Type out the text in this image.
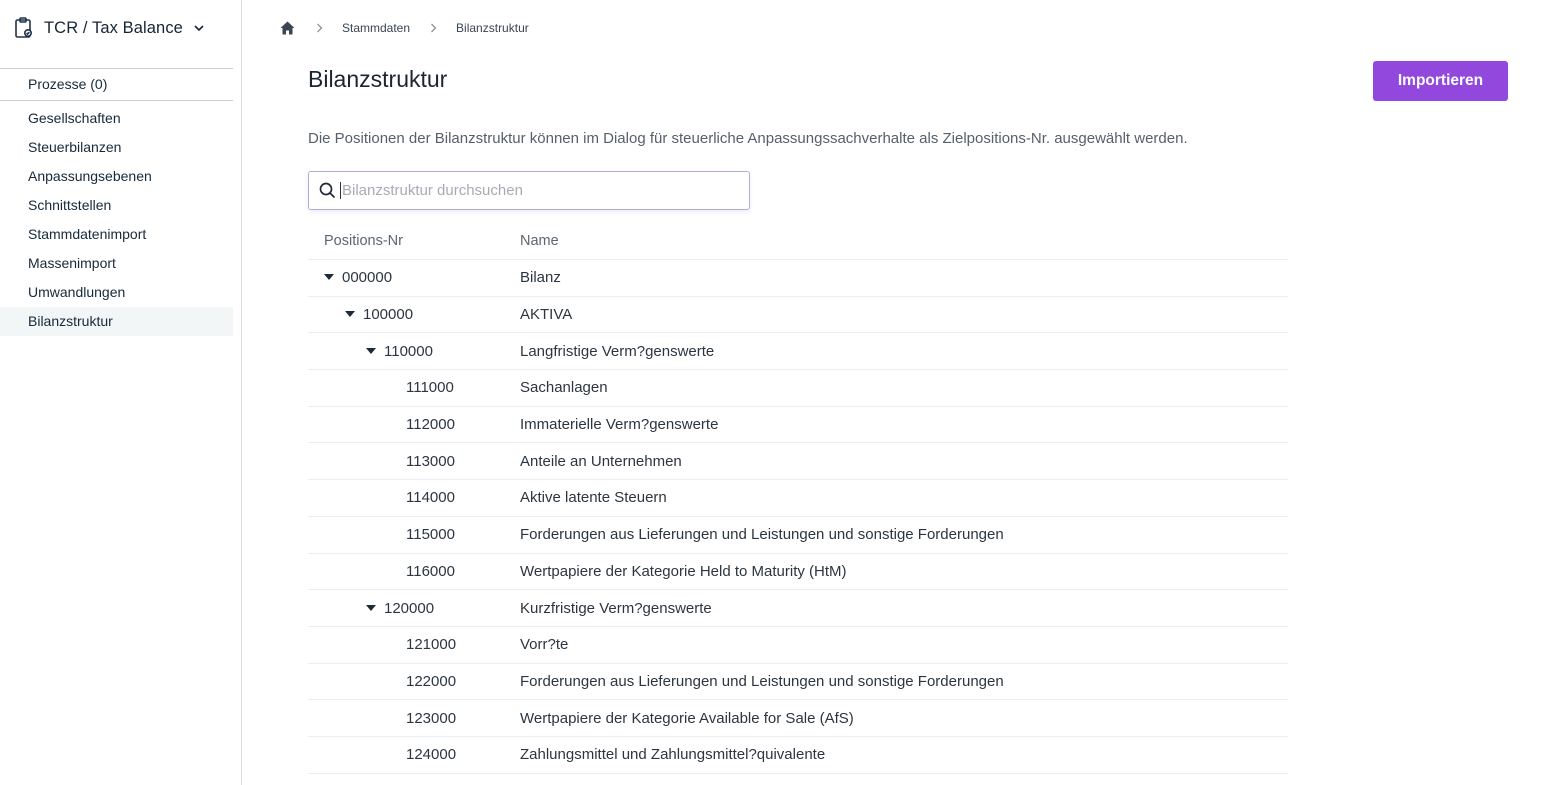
TCR / Tax Balance
Prozesse (0)
Gesellschaften
Steuerbilanzen
Anpassungsebenen
Schnittstellen
Stammdatenimport
Massenimport
Umwandlungen
Bilanzstruktur
Stammdaten	Bilanzstruktur
Bilanzstruktur	Importieren

Die Positionen der Bilanzstruktur können im Dialog für steuerliche Anpassungssachverhalte als Zielpositions-Nr. ausgewählt werden.

Bilanzstruktur durchsuchen
Positions-Nr	Name
000000	Bilanz
100000	AKTIVA
110000	Langfristige Verm?genswerte
111000	Sachanlagen
112000	Immaterielle Verm?genswerte
113000	Anteile an Unternehmen
114000	Aktive latente Steuern
115000	Forderungen aus Lieferungen und Leistungen und sonstige Forderungen
116000	Wertpapiere der Kategorie Held to Maturity (HtM)
120000	Kurzfristige Verm?genswerte
121000	Vorr?te
122000	Forderungen aus Lieferungen und Leistungen und sonstige Forderungen
123000	Wertpapiere der Kategorie Available for Sale (AfS)
124000	Zahlungsmittel und Zahlungsmittel?quivalente
